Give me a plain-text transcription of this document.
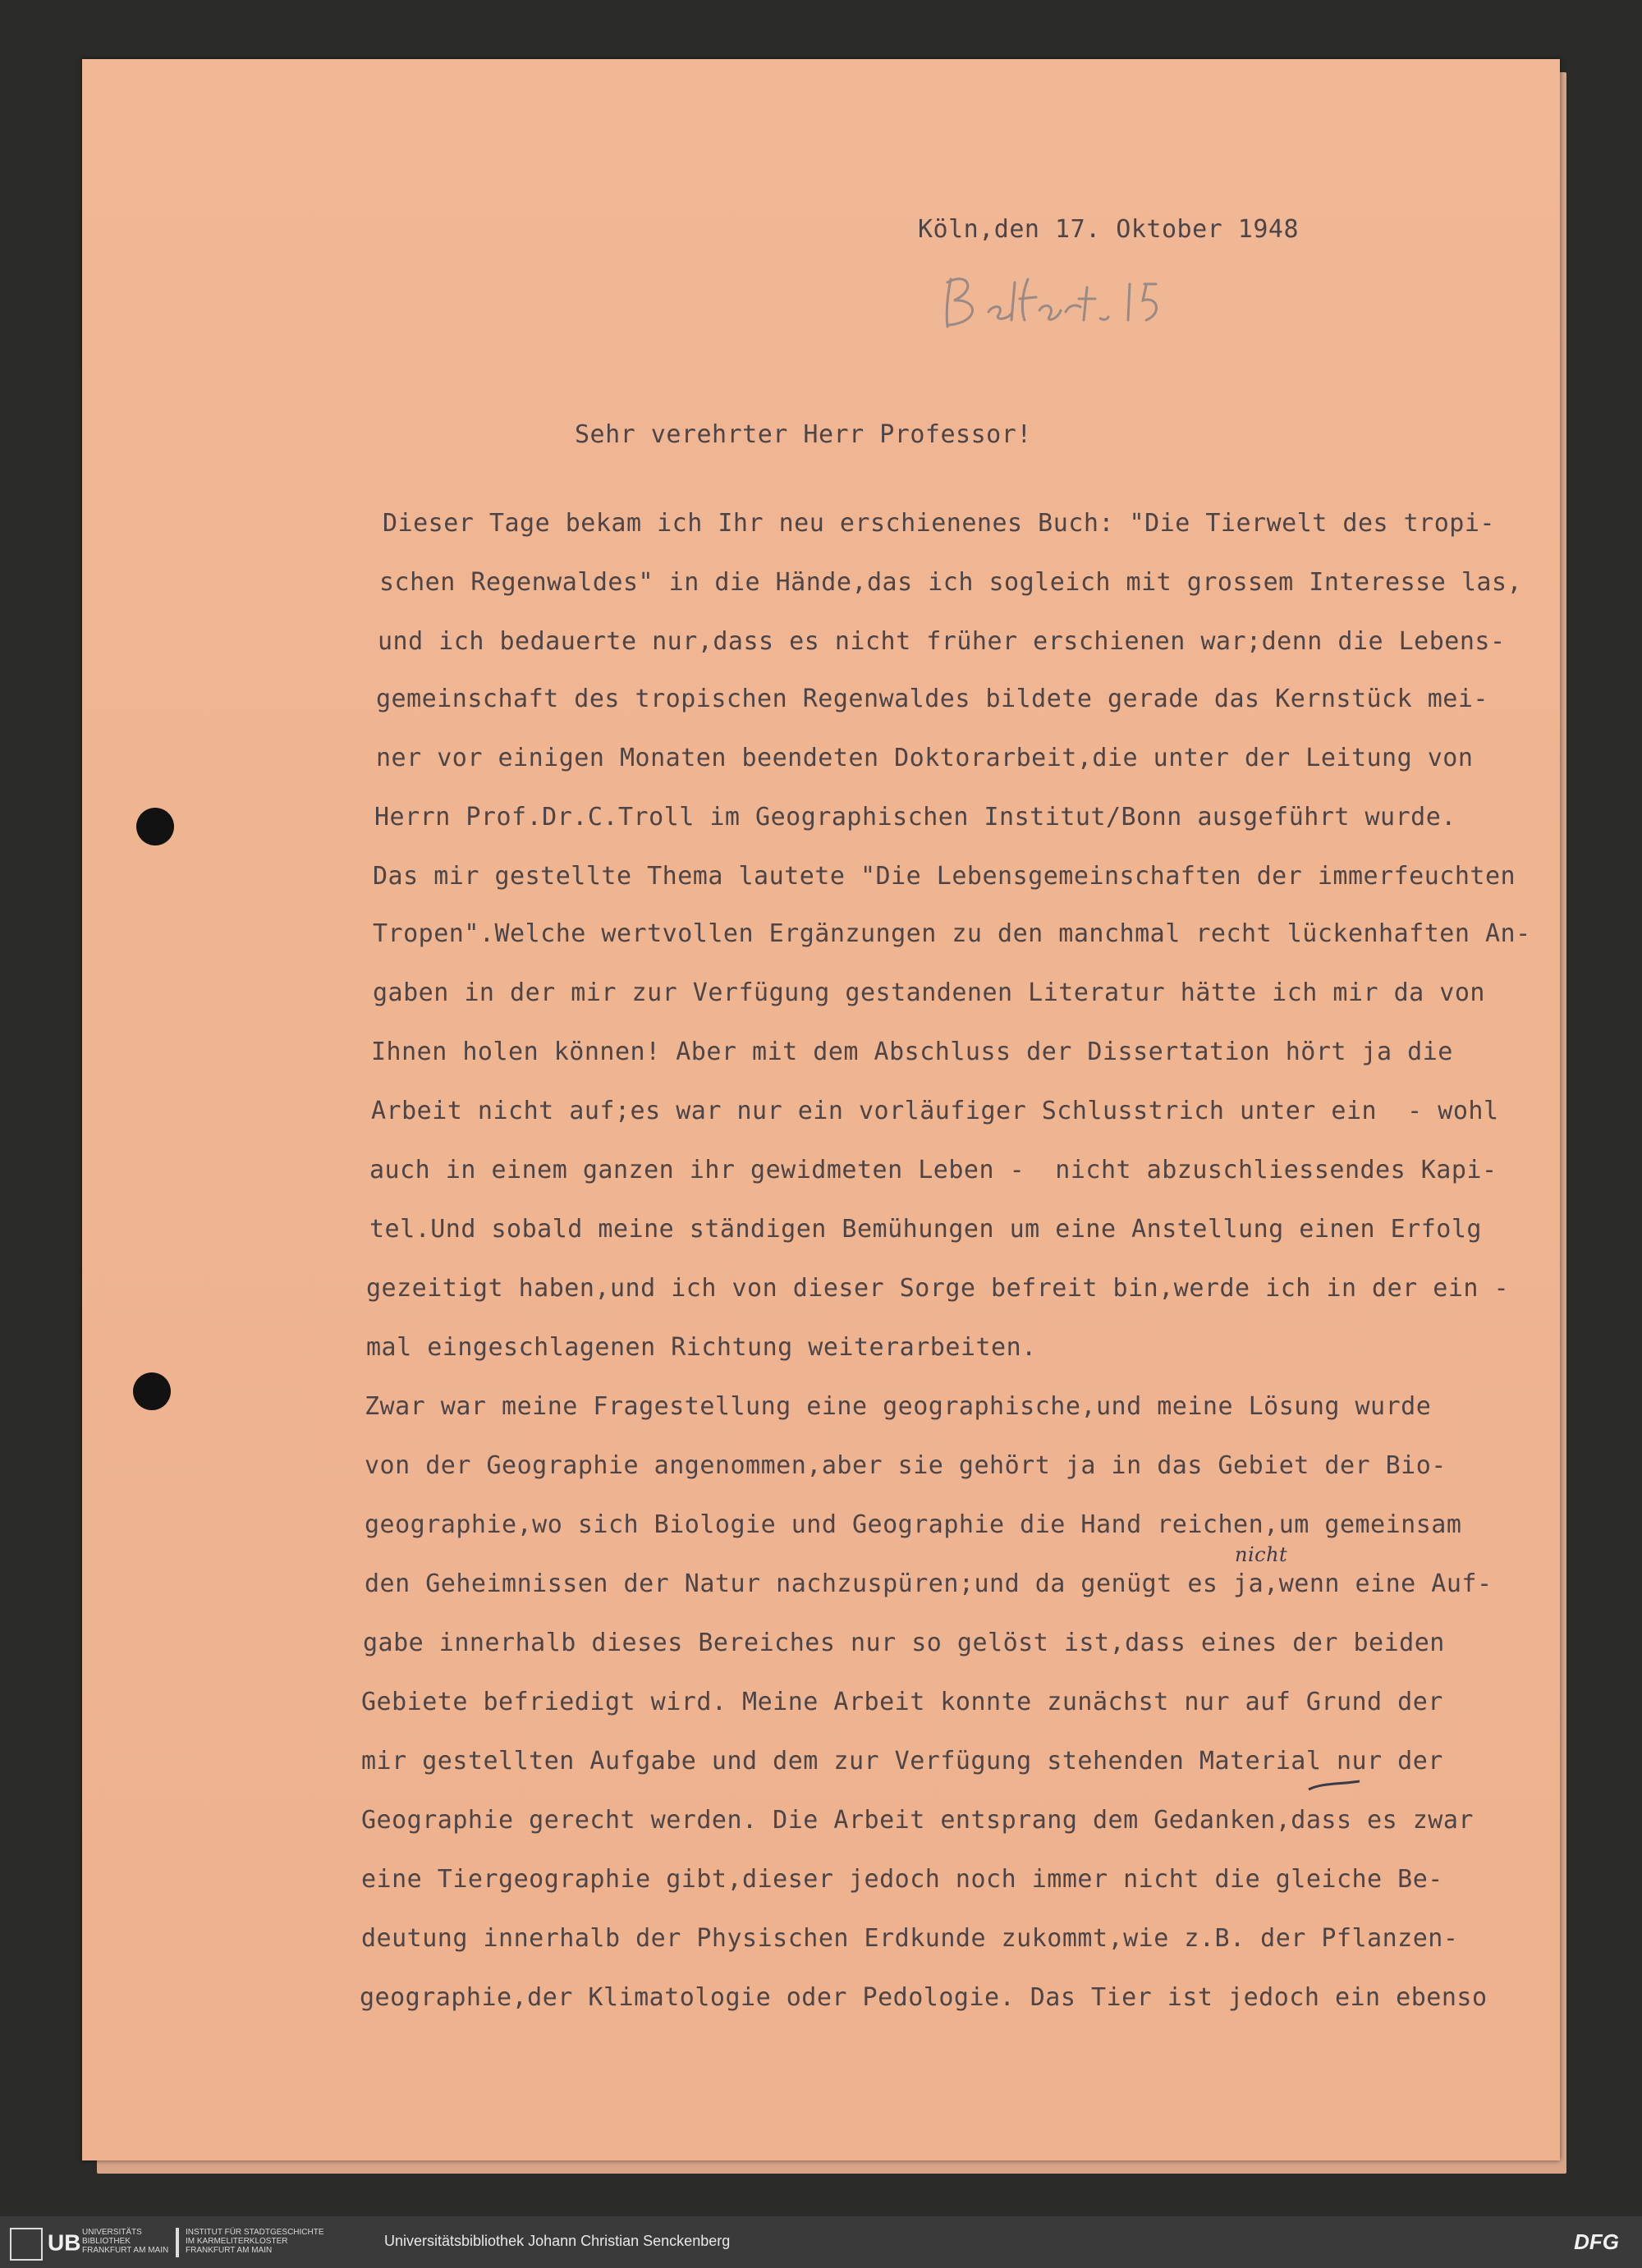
Köln,den 17. Oktober 1948
Belfortstr. 15
Sehr verehrter Herr Professor!
Dieser Tage bekam ich Ihr neu erschienenes Buch: "Die Tierwelt des tropi-
schen Regenwaldes" in die Hände,das ich sogleich mit grossem Interesse las,
und ich bedauerte nur,dass es nicht früher erschienen war;denn die Lebens-
gemeinschaft des tropischen Regenwaldes bildete gerade das Kernstück mei-
ner vor einigen Monaten beendeten Doktorarbeit,die unter der Leitung von
Herrn Prof.Dr.C.Troll im Geographischen Institut/Bonn ausgeführt wurde.
Das mir gestellte Thema lautete "Die Lebensgemeinschaften der immerfeuchten
Tropen".Welche wertvollen Ergänzungen zu den manchmal recht lückenhaften An-
gaben in der mir zur Verfügung gestandenen Literatur hätte ich mir da von
Ihnen holen können! Aber mit dem Abschluss der Dissertation hört ja die
Arbeit nicht auf;es war nur ein vorläufiger Schlusstrich unter ein  - wohl
auch in einem ganzen ihr gewidmeten Leben -  nicht abzuschliessendes Kapi-
tel.Und sobald meine ständigen Bemühungen um eine Anstellung einen Erfolg
gezeitigt haben,und ich von dieser Sorge befreit bin,werde ich in der ein -
mal eingeschlagenen Richtung weiterarbeiten.
Zwar war meine Fragestellung eine geographische,und meine Lösung wurde
von der Geographie angenommen,aber sie gehört ja in das Gebiet der Bio-
geographie,wo sich Biologie und Geographie die Hand reichen,um gemeinsam
den Geheimnissen der Natur nachzuspüren;und da genügt es ja,wenn eine Auf-
gabe innerhalb dieses Bereiches nur so gelöst ist,dass eines der beiden
Gebiete befriedigt wird. Meine Arbeit konnte zunächst nur auf Grund der
mir gestellten Aufgabe und dem zur Verfügung stehenden Material nur der
Geographie gerecht werden. Die Arbeit entsprang dem Gedanken,dass es zwar
eine Tiergeographie gibt,dieser jedoch noch immer nicht die gleiche Be-
deutung innerhalb der Physischen Erdkunde zukommt,wie z.B. der Pflanzen-
geographie,der Klimatologie oder Pedologie. Das Tier ist jedoch ein ebenso
nicht
UB UNIVERSITÄTS BIBLIOTHEK FRANKFURT AM MAIN
INSTITUT FÜR STADTGESCHICHTE IM KARMELITERKLOSTER FRANKFURT AM MAIN
Universitätsbibliothek Johann Christian Senckenberg	DFG
